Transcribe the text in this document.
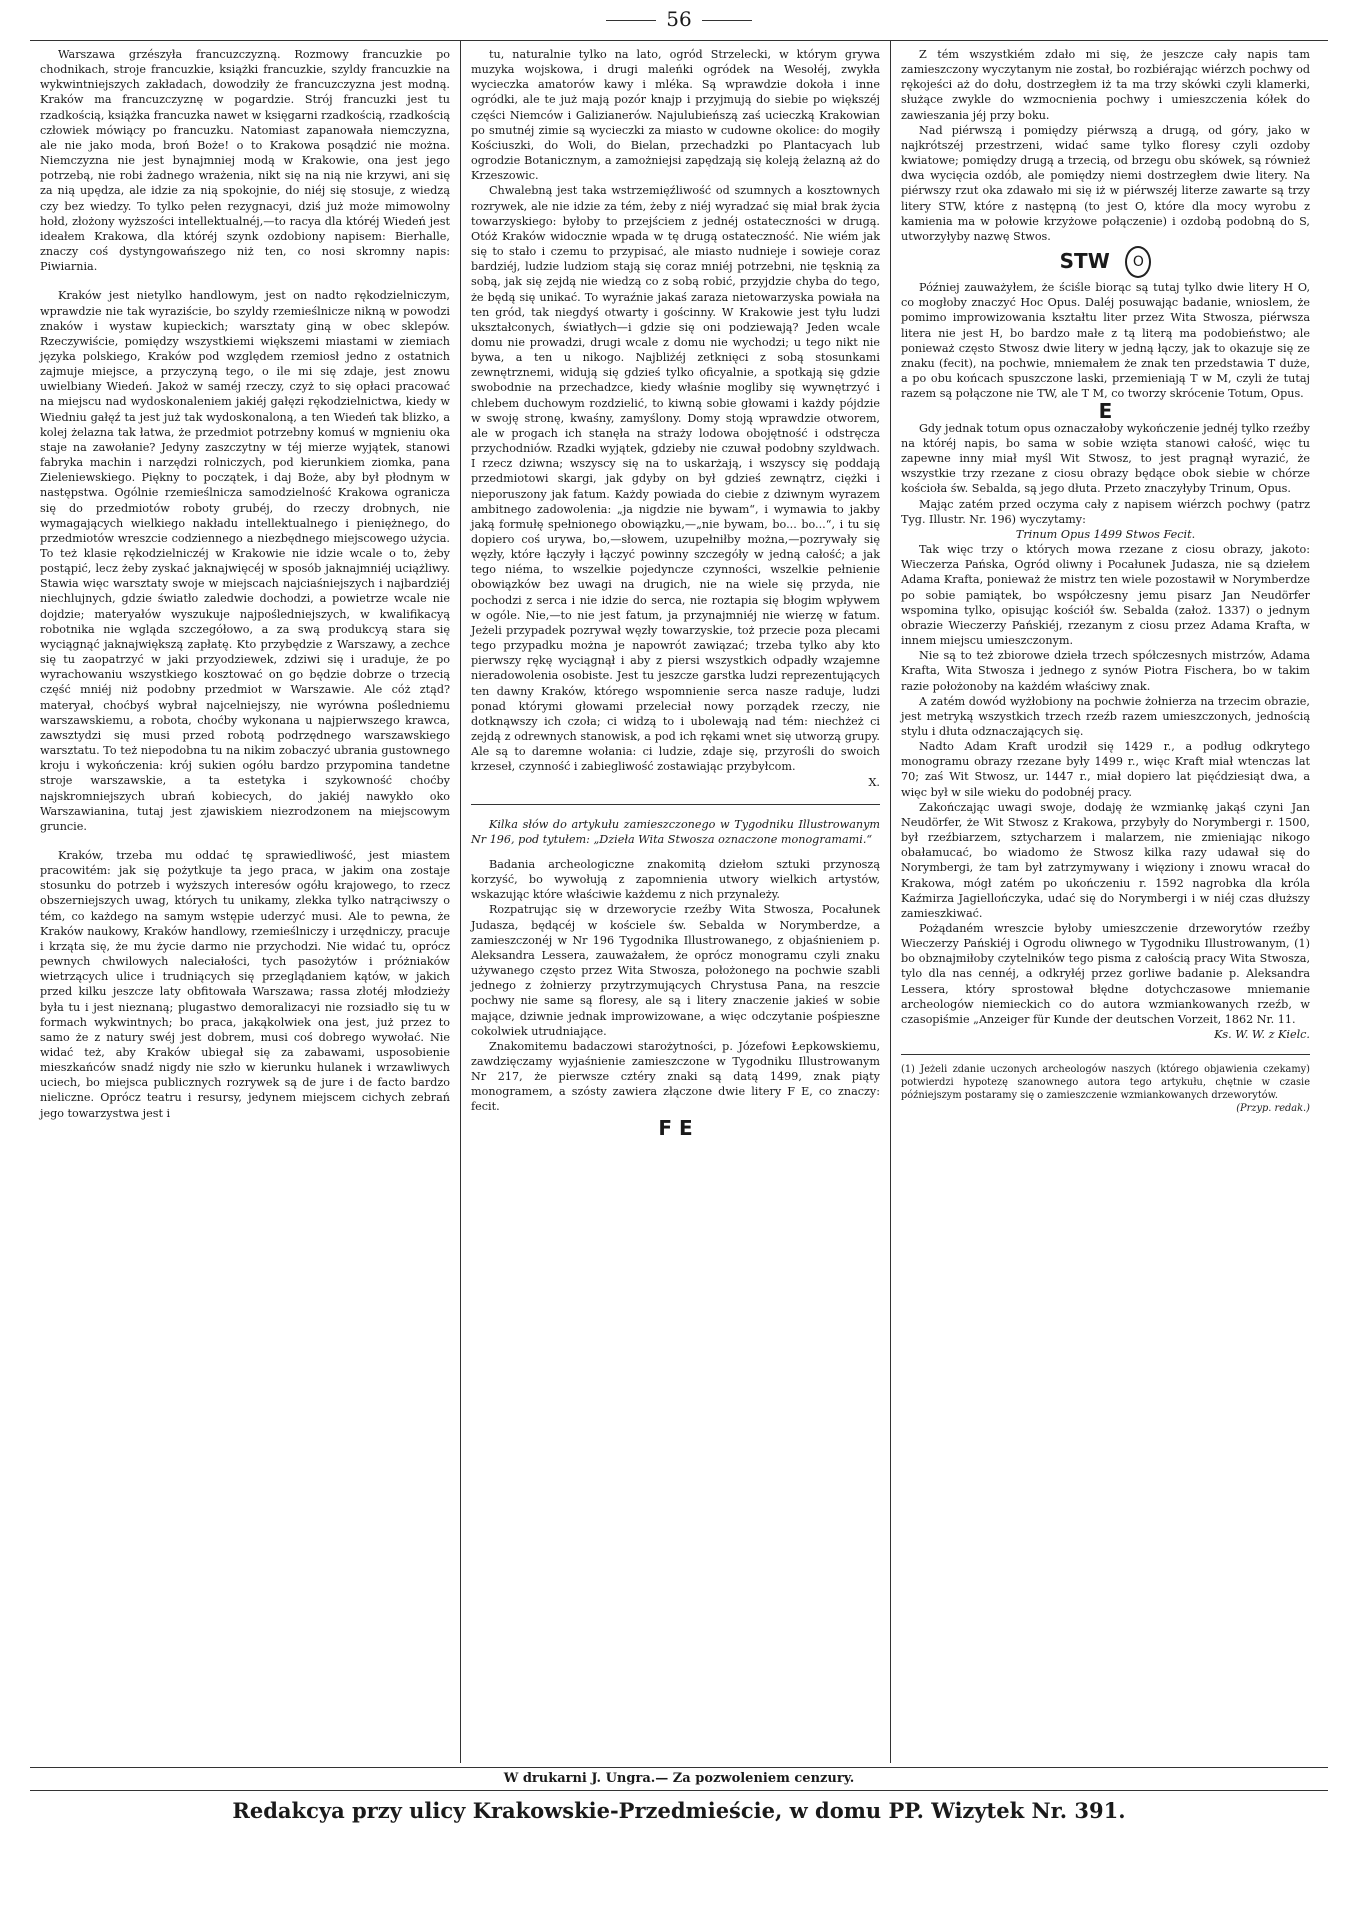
56

Warszawa grzészyła francuzczyzną. Rozmowy francuzkie po chodnikach, stroje francuzkie, książki francuzkie, szyldy francuzkie na wykwintniejszych zakładach, dowodziły że francuzczyzna jest modną. Kraków ma francuzczyznę w pogardzie. Strój francuzki jest tu rzadkością, książka francuzka nawet w księgarni rzadkością, rzadkością człowiek mówiący po francuzku. Natomiast zapanowała niemczyzna, ale nie jako moda, broń Boże! o to Krakowa posądzić nie można. Niemczyzna nie jest bynajmniej modą w Krakowie, ona jest jego potrzebą, nie robi żadnego wrażenia, nikt się na nią nie krzywi, ani się za nią upędza, ale idzie za nią spokojnie, do niéj się stosuje, z wiedzą czy bez wiedzy. To tylko pełen rezygnacyi, dziś już może mimowolny hołd, złożony wyższości intellektualnéj,—to racya dla któréj Wiedeń jest ideałem Krakowa, dla któréj szynk ozdobiony napisem: Bierhalle, znaczy coś dystyngowańszego niż ten, co nosi skromny napis: Piwiarnia.

Kraków jest nietylko handlowym, jest on nadto rękodzielniczym, wprawdzie nie tak wyraziście, bo szyldy rzemieślnicze nikną w powodzi znaków i wystaw kupieckich; warsztaty giną w obec sklepów. Rzeczywiście, pomiędzy wszystkiemi większemi miastami w ziemiach języka polskiego, Kraków pod względem rzemiosł jedno z ostatnich zajmuje miejsce, a przyczyną tego, o ile mi się zdaje, jest znowu uwielbiany Wiedeń. Jakoż w saméj rzeczy, czyż to się opłaci pracować na miejscu nad wydoskonaleniem jakiéj gałęzi rękodzielnictwa, kiedy w Wiedniu gałęź ta jest już tak wydoskonaloną, a ten Wiedeń tak blizko, a kolej żelazna tak łatwa, że przedmiot potrzebny komuś w mgnieniu oka staje na zawołanie? Jedyny zaszczytny w téj mierze wyjątek, stanowi fabryka machin i narzędzi rolniczych, pod kierunkiem ziomka, pana Zieleniewskiego. Piękny to początek, i daj Boże, aby był płodnym w następstwa. Ogólnie rzemieślnicza samodzielność Krakowa ogranicza się do przedmiotów roboty grubéj, do rzeczy drobnych, nie wymagających wielkiego nakładu intellektualnego i pieniężnego, do przedmiotów wreszcie codziennego a niezbędnego miejscowego użycia. To też klasie rękodzielniczéj w Krakowie nie idzie wcale o to, żeby postąpić, lecz żeby zyskać jaknajwięcéj w sposób jaknajmniéj uciążliwy. Stawia więc warsztaty swoje w miejscach najciaśniejszych i najbardziéj niechlujnych, gdzie światło zaledwie dochodzi, a powietrze wcale nie dojdzie; materyałów wyszukuje najpośledniejszych, w kwalifikacyą robotnika nie wgląda szczegółowo, a za swą produkcyą stara się wyciągnąć jaknajwiększą zapłatę. Kto przybędzie z Warszawy, a zechce się tu zaopatrzyć w jaki przyodziewek, zdziwi się i uraduje, że po wyrachowaniu wszystkiego kosztować on go będzie dobrze o trzecią część mniéj niż podobny przedmiot w Warszawie. Ale cóż ztąd? materyał, choćbyś wybrał najcelniejszy, nie wyrówna pośledniemu warszawskiemu, a robota, choćby wykonana u najpierwszego krawca, zawsztydzi się musi przed robotą podrzędnego warszawskiego warsztatu. To też niepodobna tu na nikim zobaczyć ubrania gustownego kroju i wykończenia: krój sukien ogółu bardzo przypomina tandetne stroje warszawskie, a ta estetyka i szykowność choćby najskromniejszych ubrań kobiecych, do jakiéj nawykło oko Warszawianina, tutaj jest zjawiskiem niezrodzonem na miejscowym gruncie.

Kraków, trzeba mu oddać tę sprawiedliwość, jest miastem pracowitém: jak się pożytkuje ta jego praca, w jakim ona zostaje stosunku do potrzeb i wyższych interesów ogółu krajowego, to rzecz obszerniejszych uwag, których tu unikamy, zlekka tylko natrąciwszy o tém, co każdego na samym wstępie uderzyć musi. Ale to pewna, że Kraków naukowy, Kraków handlowy, rzemieślniczy i urzędniczy, pracuje i krząta się, że mu życie darmo nie przychodzi. Nie widać tu, oprócz pewnych chwilowych naleciałości, tych pasożytów i próżniaków wietrzących ulice i trudniących się przeglądaniem kątów, w jakich przed kilku jeszcze laty obfitowała Warszawa; rassa złotéj młodzieży była tu i jest nieznaną; plugastwo demoralizacyi nie rozsiadło się tu w formach wykwintnych; bo praca, jakąkolwiek ona jest, już przez to samo że z natury swéj jest dobrem, musi coś dobrego wywołać. Nie widać też, aby Kraków ubiegał się za zabawami, usposobienie mieszkańców snadź nigdy nie szło w kierunku hulanek i wrzawliwych uciech, bo miejsca publicznych rozrywek są de jure i de facto bardzo nieliczne. Oprócz teatru i resursy, jedynem miejscem cichych zebrań jego towarzystwa jest i

tu, naturalnie tylko na lato, ogród Strzelecki, w którym grywa muzyka wojskowa, i drugi maleńki ogródek na Wesołéj, zwykła wycieczka amatorów kawy i mléka. Są wprawdzie dokoła i inne ogródki, ale te już mają pozór knajp i przyjmują do siebie po większéj części Niemców i Galizianerów. Najulubieńszą zaś ucieczką Krakowian po smutnéj zimie są wycieczki za miasto w cudowne okolice: do mogiły Kościuszki, do Woli, do Bielan, przechadzki po Plantacyach lub ogrodzie Botanicznym, a zamożniejsi zapędzają się koleją żelazną aż do Krzeszowic.

Chwalebną jest taka wstrzemięźliwość od szumnych a kosztownych rozrywek, ale nie idzie za tém, żeby z niéj wyradzać się miał brak życia towarzyskiego: byłoby to przejściem z jednéj ostateczności w drugą. Otóż Kraków widocznie wpada w tę drugą ostateczność. Nie wiém jak się to stało i czemu to przypisać, ale miasto nudnieje i sowieje coraz bardziéj, ludzie ludziom stają się coraz mniéj potrzebni, nie tęsknią za sobą, jak się zejdą nie wiedzą co z sobą robić, przyjdzie chyba do tego, że będą się unikać. To wyraźnie jakaś zaraza nietowarzyska powiała na ten gród, tak niegdyś otwarty i gościnny. W Krakowie jest tyłu ludzi ukształconych, światłych—i gdzie się oni podziewają? Jeden wcale domu nie prowadzi, drugi wcale z domu nie wychodzi; u tego nikt nie bywa, a ten u nikogo. Najbliżéj zetknięci z sobą stosunkami zewnętrznemi, widują się gdzieś tylko oficyalnie, a spotkają się gdzie swobodnie na przechadzce, kiedy właśnie mogliby się wywnętrzyć i chlebem duchowym rozdzielić, to kiwną sobie głowami i każdy pójdzie w swoję stronę, kwaśny, zamyślony. Domy stoją wprawdzie otworem, ale w progach ich stanęła na straży lodowa obojętność i odstręcza przychodniów. Rzadki wyjątek, gdzieby nie czuwał podobny szyldwach. I rzecz dziwna; wszyscy się na to uskarżają, i wszyscy się poddają przedmiotowi skargi, jak gdyby on był gdzieś zewnątrz, ciężki i nieporuszony jak fatum. Każdy powiada do ciebie z dziwnym wyrazem ambitnego zadowolenia: „ja nigdzie nie bywam“, i wymawia to jakby jaką formułę spełnionego obowiązku,—„nie bywam, bo... bo...“, i tu się dopiero coś urywa, bo,—słowem, uzupełniłby można,—pozrywały się węzły, które łączyły i łączyć powinny szczegóły w jedną całość; a jak tego niéma, to wszelkie pojedyncze czynności, wszelkie pełnienie obowiązków bez uwagi na drugich, nie na wiele się przyda, nie pochodzi z serca i nie idzie do serca, nie roztapia się błogim wpływem w ogóle. Nie,—to nie jest fatum, ja przynajmniéj nie wierzę w fatum. Jeżeli przypadek pozrywał węzły towarzyskie, toż przecie poza plecami tego przypadku można je napowrót zawiązać; trzeba tylko aby kto pierwszy rękę wyciągnął i aby z piersi wszystkich odpadły wzajemne nieradowolenia osobiste. Jest tu jeszcze garstka ludzi reprezentujących ten dawny Kraków, którego wspomnienie serca nasze raduje, ludzi ponad którymi głowami przeleciał nowy porządek rzeczy, nie dotknąwszy ich czoła; ci widzą to i ubolewają nad tém: niechżeż ci zejdą z odrewnych stanowisk, a pod ich rękami wnet się utworzą grupy. Ale są to daremne wołania: ci ludzie, zdaje się, przyrośli do swoich krzeseł, czynność i zabiegliwość zostawiając przybyłcom.

X.
Kilka słów do artykułu zamieszczonego w Tygodniku Illustrowanym Nr 196, pod tytułem: „Dzieła Wita Stwosza oznaczone monogramami.“

Badania archeologiczne znakomitą dziełom sztuki przynoszą korzyść, bo wywołują z zapomnienia utwory wielkich artystów, wskazując które właściwie każdemu z nich przynależy.

Rozpatrując się w drzeworycie rzeźby Wita Stwosza, Pocałunek Judasza, będącéj w kościele św. Sebalda w Norymberdze, a zamieszczonéj w Nr 196 Tygodnika Illustrowanego, z objaśnieniem p. Aleksandra Lessera, zauważałem, że oprócz monogramu czyli znaku używanego często przez Wita Stwosza, położonego na pochwie szabli jednego z żołnierzy przytrzymujących Chrystusa Pana, na reszcie pochwy nie same są floresy, ale są i litery znaczenie jakieś w sobie mające, dziwnie jednak improwizowane, a więc odczytanie pośpieszne cokolwiek utrudniające.

Znakomitemu badaczowi starożytności, p. Józefowi Łepkowskiemu, zawdzięczamy wyjaśnienie zamieszczone w Tygodniku Illustrowanym Nr 217, że pierwsze cztéry znaki są datą 1499, znak piąty monogramem, a szósty zawiera złączone dwie litery F E, co znaczy: fecit.

F E

Z tém wszystkiém zdało mi się, że jeszcze cały napis tam zamieszczony wyczytanym nie został, bo rozbiérając wiérzch pochwy od rękojeści aż do dołu, dostrzegłem iż ta ma trzy skówki czyli klamerki, służące zwykle do wzmocnienia pochwy i umieszczenia kółek do zawieszania jéj przy boku.

Nad piérwszą i pomiędzy piérwszą a drugą, od góry, jako w najkrótszéj przestrzeni, widać same tylko floresy czyli ozdoby kwiatowe; pomiędzy drugą a trzecią, od brzegu obu skówek, są również dwa wycięcia ozdób, ale pomiędzy niemi dostrzegłem dwie litery. Na piérwszy rzut oka zdawało mi się iż w piérwszéj literze zawarte są trzy litery STW, które z następną (to jest O, które dla mocy wyrobu z kamienia ma w połowie krzyżowe połączenie) i ozdobą podobną do S, utworzyłyby nazwę Stwos.

STW O

Później zauważyłem, że ściśle biorąc są tutaj tylko dwie litery H O, co mogłoby znaczyć Hoc Opus. Daléj posuwając badanie, wnioslem, że pomimo improwizowania kształtu liter przez Wita Stwosza, piérwsza litera nie jest H, bo bardzo małe z tą literą ma podobieństwo; ale ponieważ często Stwosz dwie litery w jedną łączy, jak to okazuje się ze znaku (fecit), na pochwie, mniemałem że znak ten przedstawia T duże, a po obu końcach spuszczone laski, przemieniają T w M, czyli że tutaj razem są połączone nie TW, ale T M, co tworzy skrócenie Totum, Opus.

E

Gdy jednak totum opus oznaczałoby wykończenie jednéj tylko rzeźby na któréj napis, bo sama w sobie wzięta stanowi całość, więc tu zapewne inny miał myśl Wit Stwosz, to jest pragnął wyrazić, że wszystkie trzy rzezane z ciosu obrazy będące obok siebie w chórze kościoła św. Sebalda, są jego dłuta. Przeto znaczyłyby Trinum, Opus.

Mając zatém przed oczyma cały z napisem wiérzch pochwy (patrz Tyg. Illustr. Nr. 196) wyczytamy:

Trinum Opus 1499 Stwos Fecit.

Tak więc trzy o których mowa rzezane z ciosu obrazy, jakoto: Wieczerza Pańska, Ogród oliwny i Pocałunek Judasza, nie są dziełem Adama Krafta, ponieważ że mistrz ten wiele pozostawił w Norymberdze po sobie pamiątek, bo współczesny jemu pisarz Jan Neudörfer wspomina tylko, opisując kościół św. Sebalda (założ. 1337) o jednym obrazie Wieczerzy Pańskiéj, rzezanym z ciosu przez Adama Krafta, w innem miejscu umieszczonym.

Nie są to też zbiorowe dzieła trzech spółczesnych mistrzów, Adama Krafta, Wita Stwosza i jednego z synów Piotra Fischera, bo w takim razie położonoby na każdém właściwy znak.

A zatém dowód wyżłobiony na pochwie żołnierza na trzecim obrazie, jest metryką wszystkich trzech rzeźb razem umieszczonych, jednością stylu i dłuta odznaczających się.

Nadto Adam Kraft urodził się 1429 r., a podług odkrytego monogramu obrazy rzezane były 1499 r., więc Kraft miał wtenczas lat 70; zaś Wit Stwosz, ur. 1447 r., miał dopiero lat pięćdziesiąt dwa, a więc był w sile wieku do podobnéj pracy.

Zakończając uwagi swoje, dodaję że wzmiankę jakąś czyni Jan Neudörfer, że Wit Stwosz z Krakowa, przybyły do Norymbergi r. 1500, był rzeźbiarzem, sztycharzem i malarzem, nie zmieniając nikogo obałamucać, bo wiadomo że Stwosz kilka razy udawał się do Norymbergi, że tam był zatrzymywany i więziony i znowu wracał do Krakowa, mógł zatém po ukończeniu r. 1592 nagrobka dla króla Kaźmirza Jagiellończyka, udać się do Norymbergi i w niéj czas dłuższy zamieszkiwać.

Pożądaném wreszcie byłoby umieszczenie drzeworytów rzeźby Wieczerzy Pańskiéj i Ogrodu oliwnego w Tygodniku Illustrowanym, (1) bo obznajmiłoby czytelników tego pisma z całością pracy Wita Stwosza, tylo dla nas cennéj, a odkryłéj przez gorliwe badanie p. Aleksandra Lessera, który sprostował błędne dotychczasowe mniemanie archeologów niemieckich co do autora wzmiankowanych rzeźb, w czasopiśmie „Anzeiger für Kunde der deutschen Vorzeit, 1862 Nr. 11.

Ks. W. W. z Kielc.
(1) Jeżeli zdanie uczonych archeologów naszych (którego objawienia czekamy) potwierdzi hypotezę szanownego autora tego artykułu, chętnie w czasie późniejszym postaramy się o zamieszczenie wzmiankowanych drzeworytów.
(Przyp. redak.)
W drukarni J. Ungra.— Za pozwoleniem cenzury.
Redakcya przy ulicy Krakowskie-Przedmieście, w domu PP. Wizytek Nr. 391.
